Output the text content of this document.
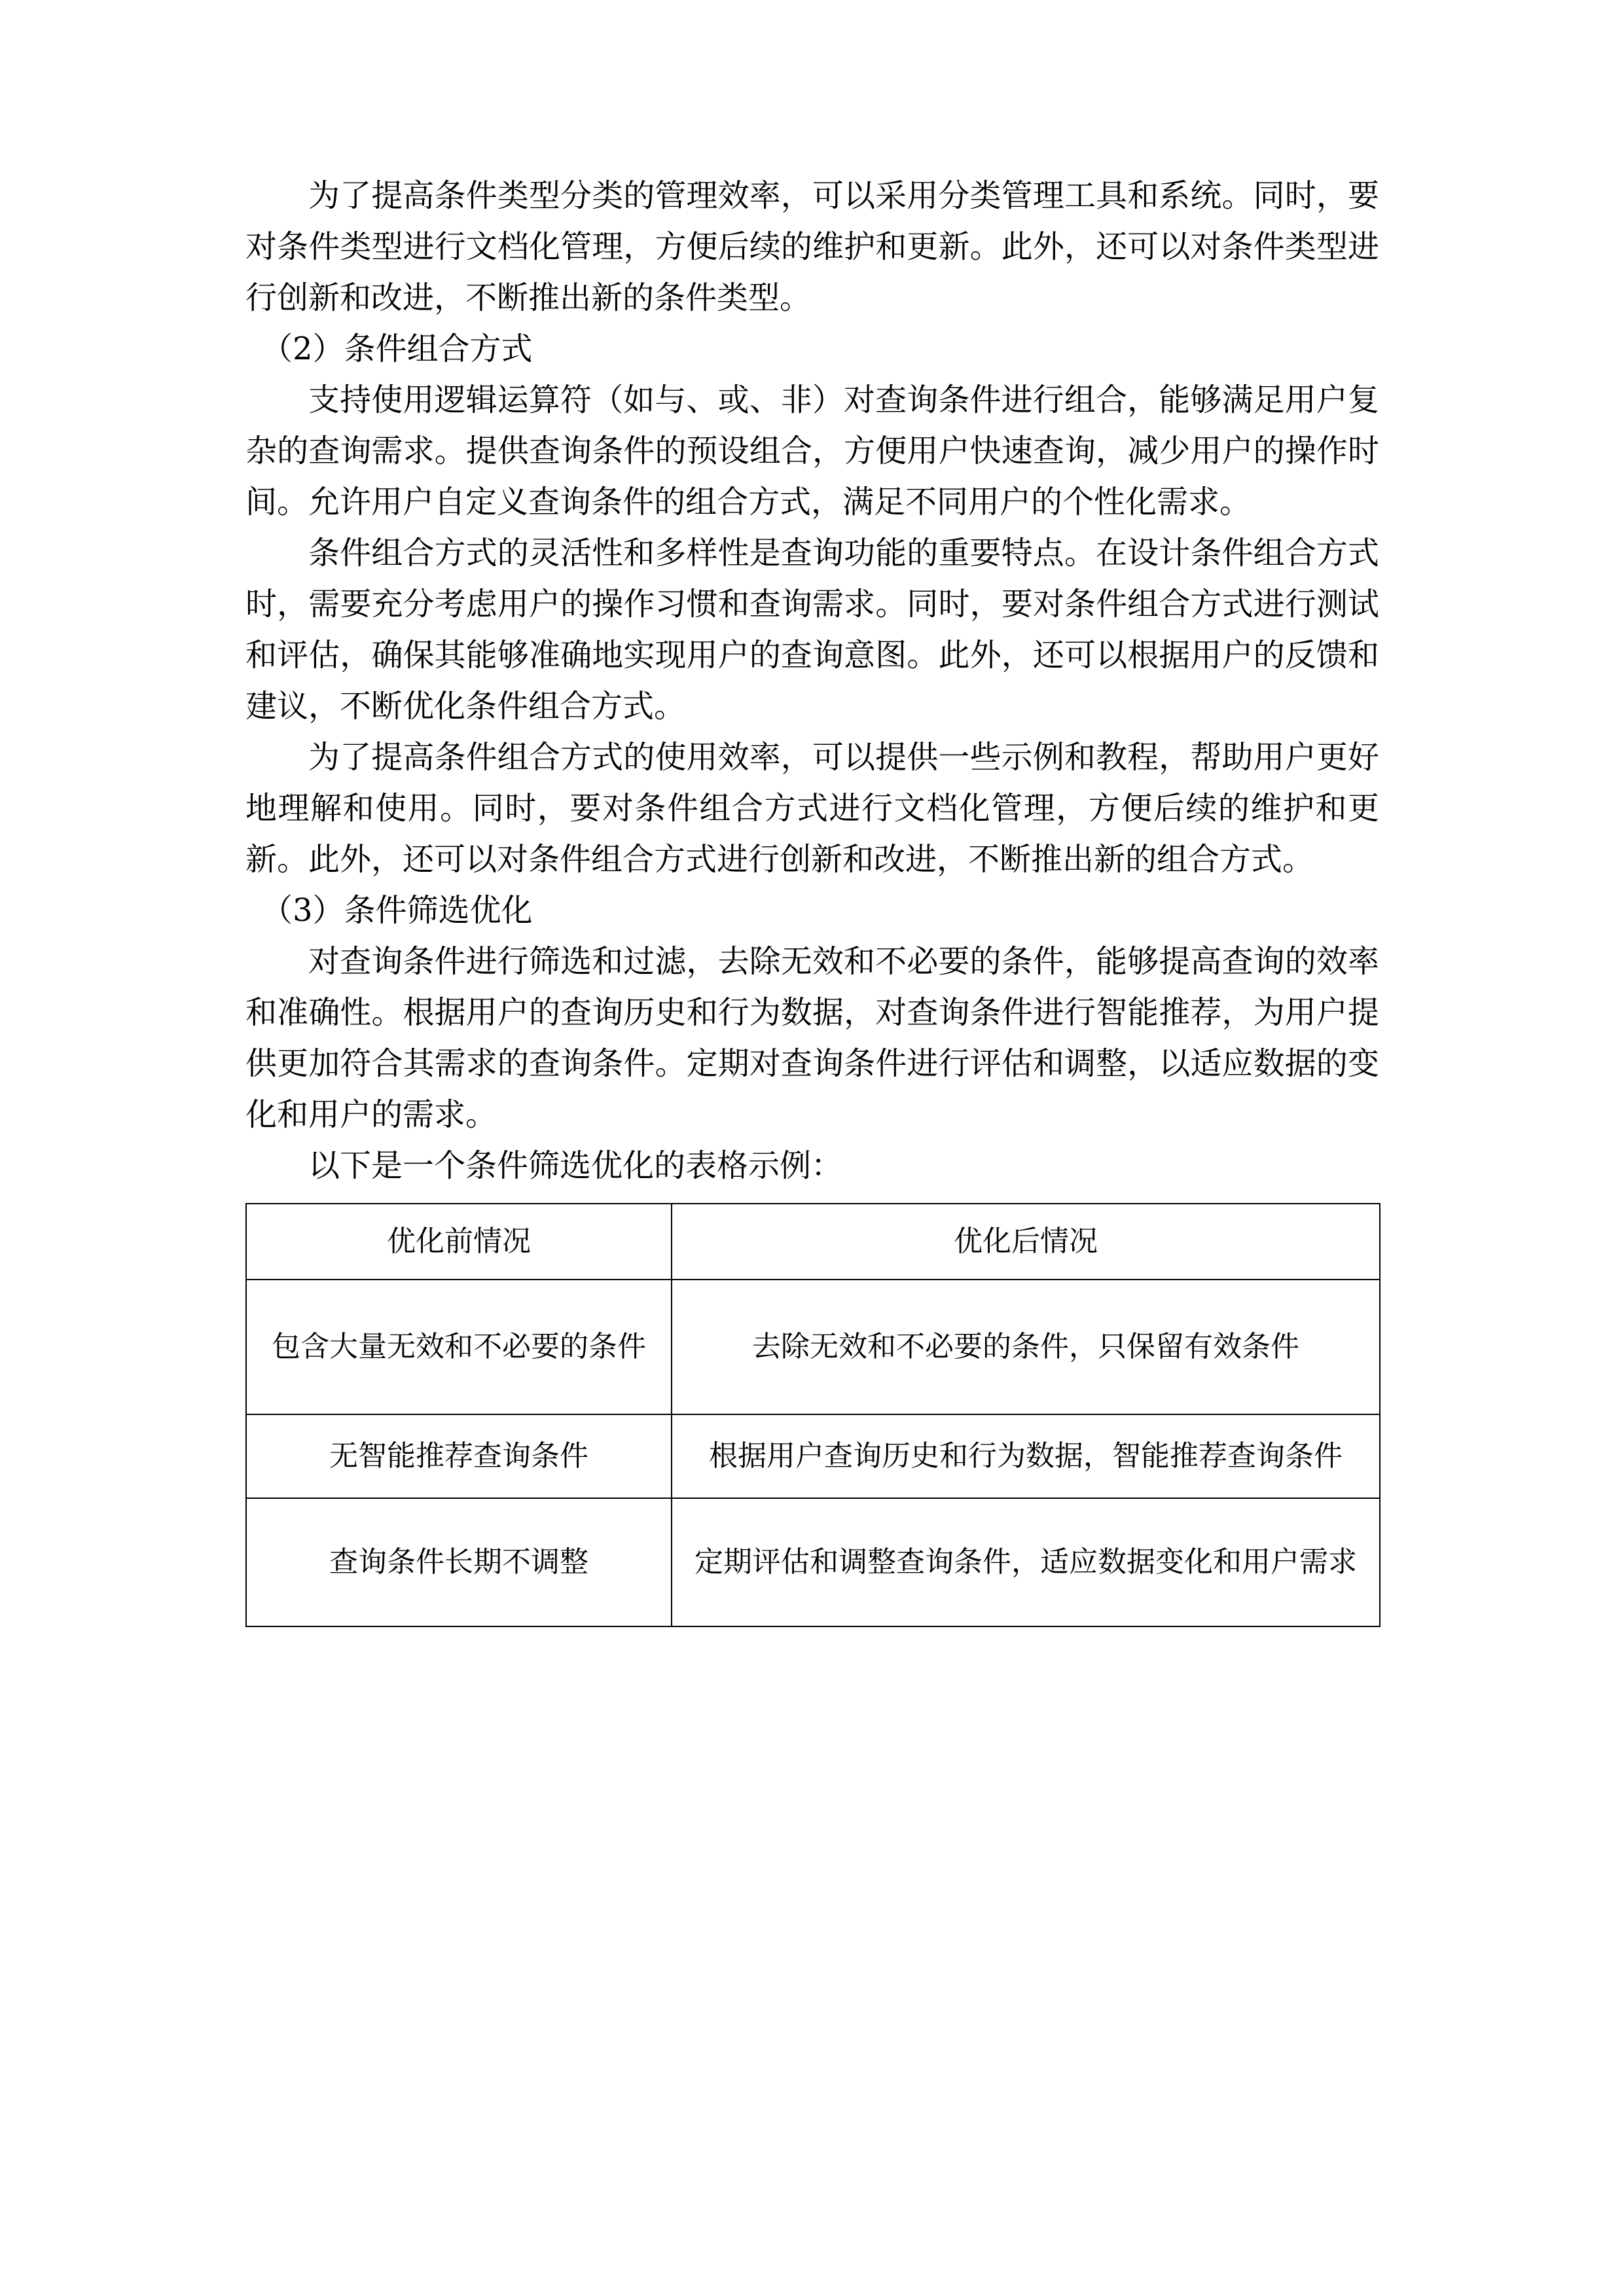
为了提高条件类型分类的管理效率，可以采用分类管理工具和系统。同时，要对条件类型进行文档化管理，方便后续的维护和更新。此外，还可以对条件类型进行创新和改进，不断推出新的条件类型。

（2）条件组合方式

支持使用逻辑运算符（如与、或、非）对查询条件进行组合，能够满足用户复杂的查询需求。提供查询条件的预设组合，方便用户快速查询，减少用户的操作时间。允许用户自定义查询条件的组合方式，满足不同用户的个性化需求。

条件组合方式的灵活性和多样性是查询功能的重要特点。在设计条件组合方式时，需要充分考虑用户的操作习惯和查询需求。同时，要对条件组合方式进行测试和评估，确保其能够准确地实现用户的查询意图。此外，还可以根据用户的反馈和建议，不断优化条件组合方式。

为了提高条件组合方式的使用效率，可以提供一些示例和教程，帮助用户更好地理解和使用。同时，要对条件组合方式进行文档化管理，方便后续的维护和更新。此外，还可以对条件组合方式进行创新和改进，不断推出新的组合方式。

（3）条件筛选优化

对查询条件进行筛选和过滤，去除无效和不必要的条件，能够提高查询的效率和准确性。根据用户的查询历史和行为数据，对查询条件进行智能推荐，为用户提供更加符合其需求的查询条件。定期对查询条件进行评估和调整，以适应数据的变化和用户的需求。

以下是一个条件筛选优化的表格示例：

优化前情况	优化后情况
包含大量无效和不必要的条件	去除无效和不必要的条件，只保留有效条件
无智能推荐查询条件	根据用户查询历史和行为数据，智能推荐查询条件
查询条件长期不调整	定期评估和调整查询条件，适应数据变化和用户需求
